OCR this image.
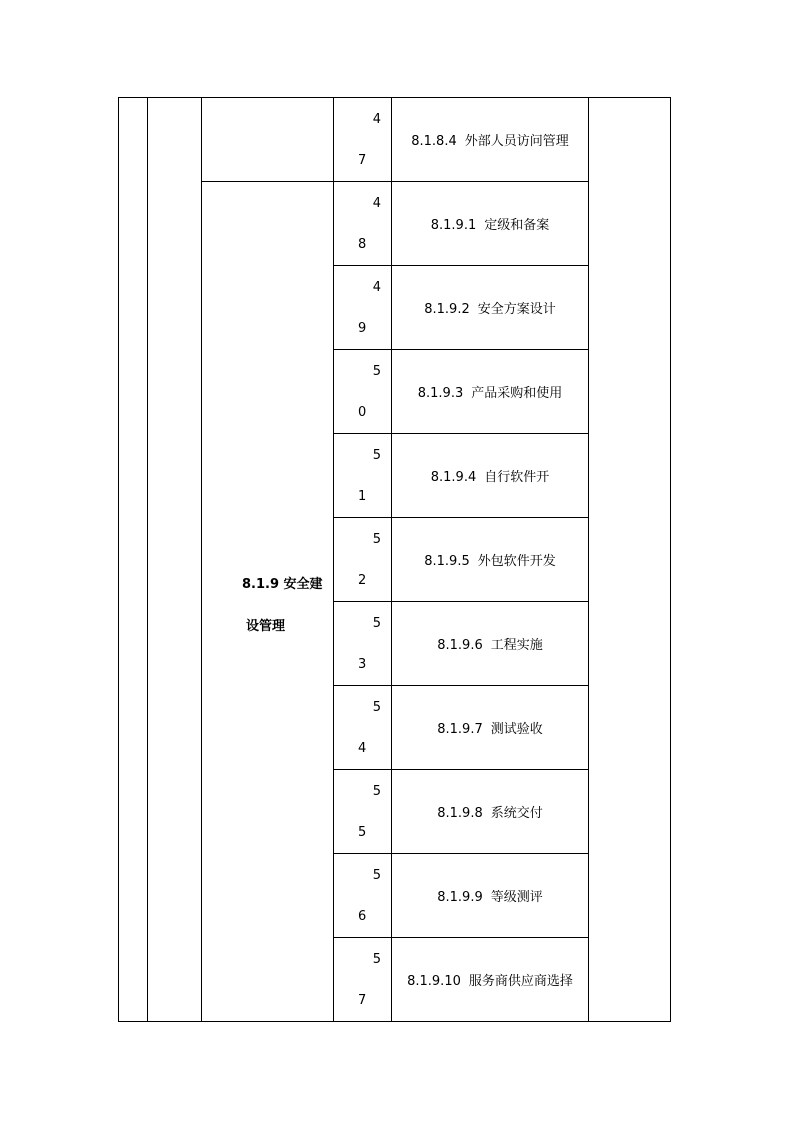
			4
7	8.1.8.4 外部人员访问管理	

		8.1.9 安全建
设管理	4
8	8.1.9.1 定级和备案	

			4
9	8.1.9.2 安全方案设计	

			5
0	8.1.9.3 产品采购和使用	

			5
1	8.1.9.4 自行软件开	

			5
2	8.1.9.5 外包软件开发	

			5
3	8.1.9.6 工程实施	

			5
4	8.1.9.7 测试验收	

			5
5	8.1.9.8 系统交付	

			5
6	8.1.9.9 等级测评	

			5
7	8.1.9.10 服务商供应商选择	
